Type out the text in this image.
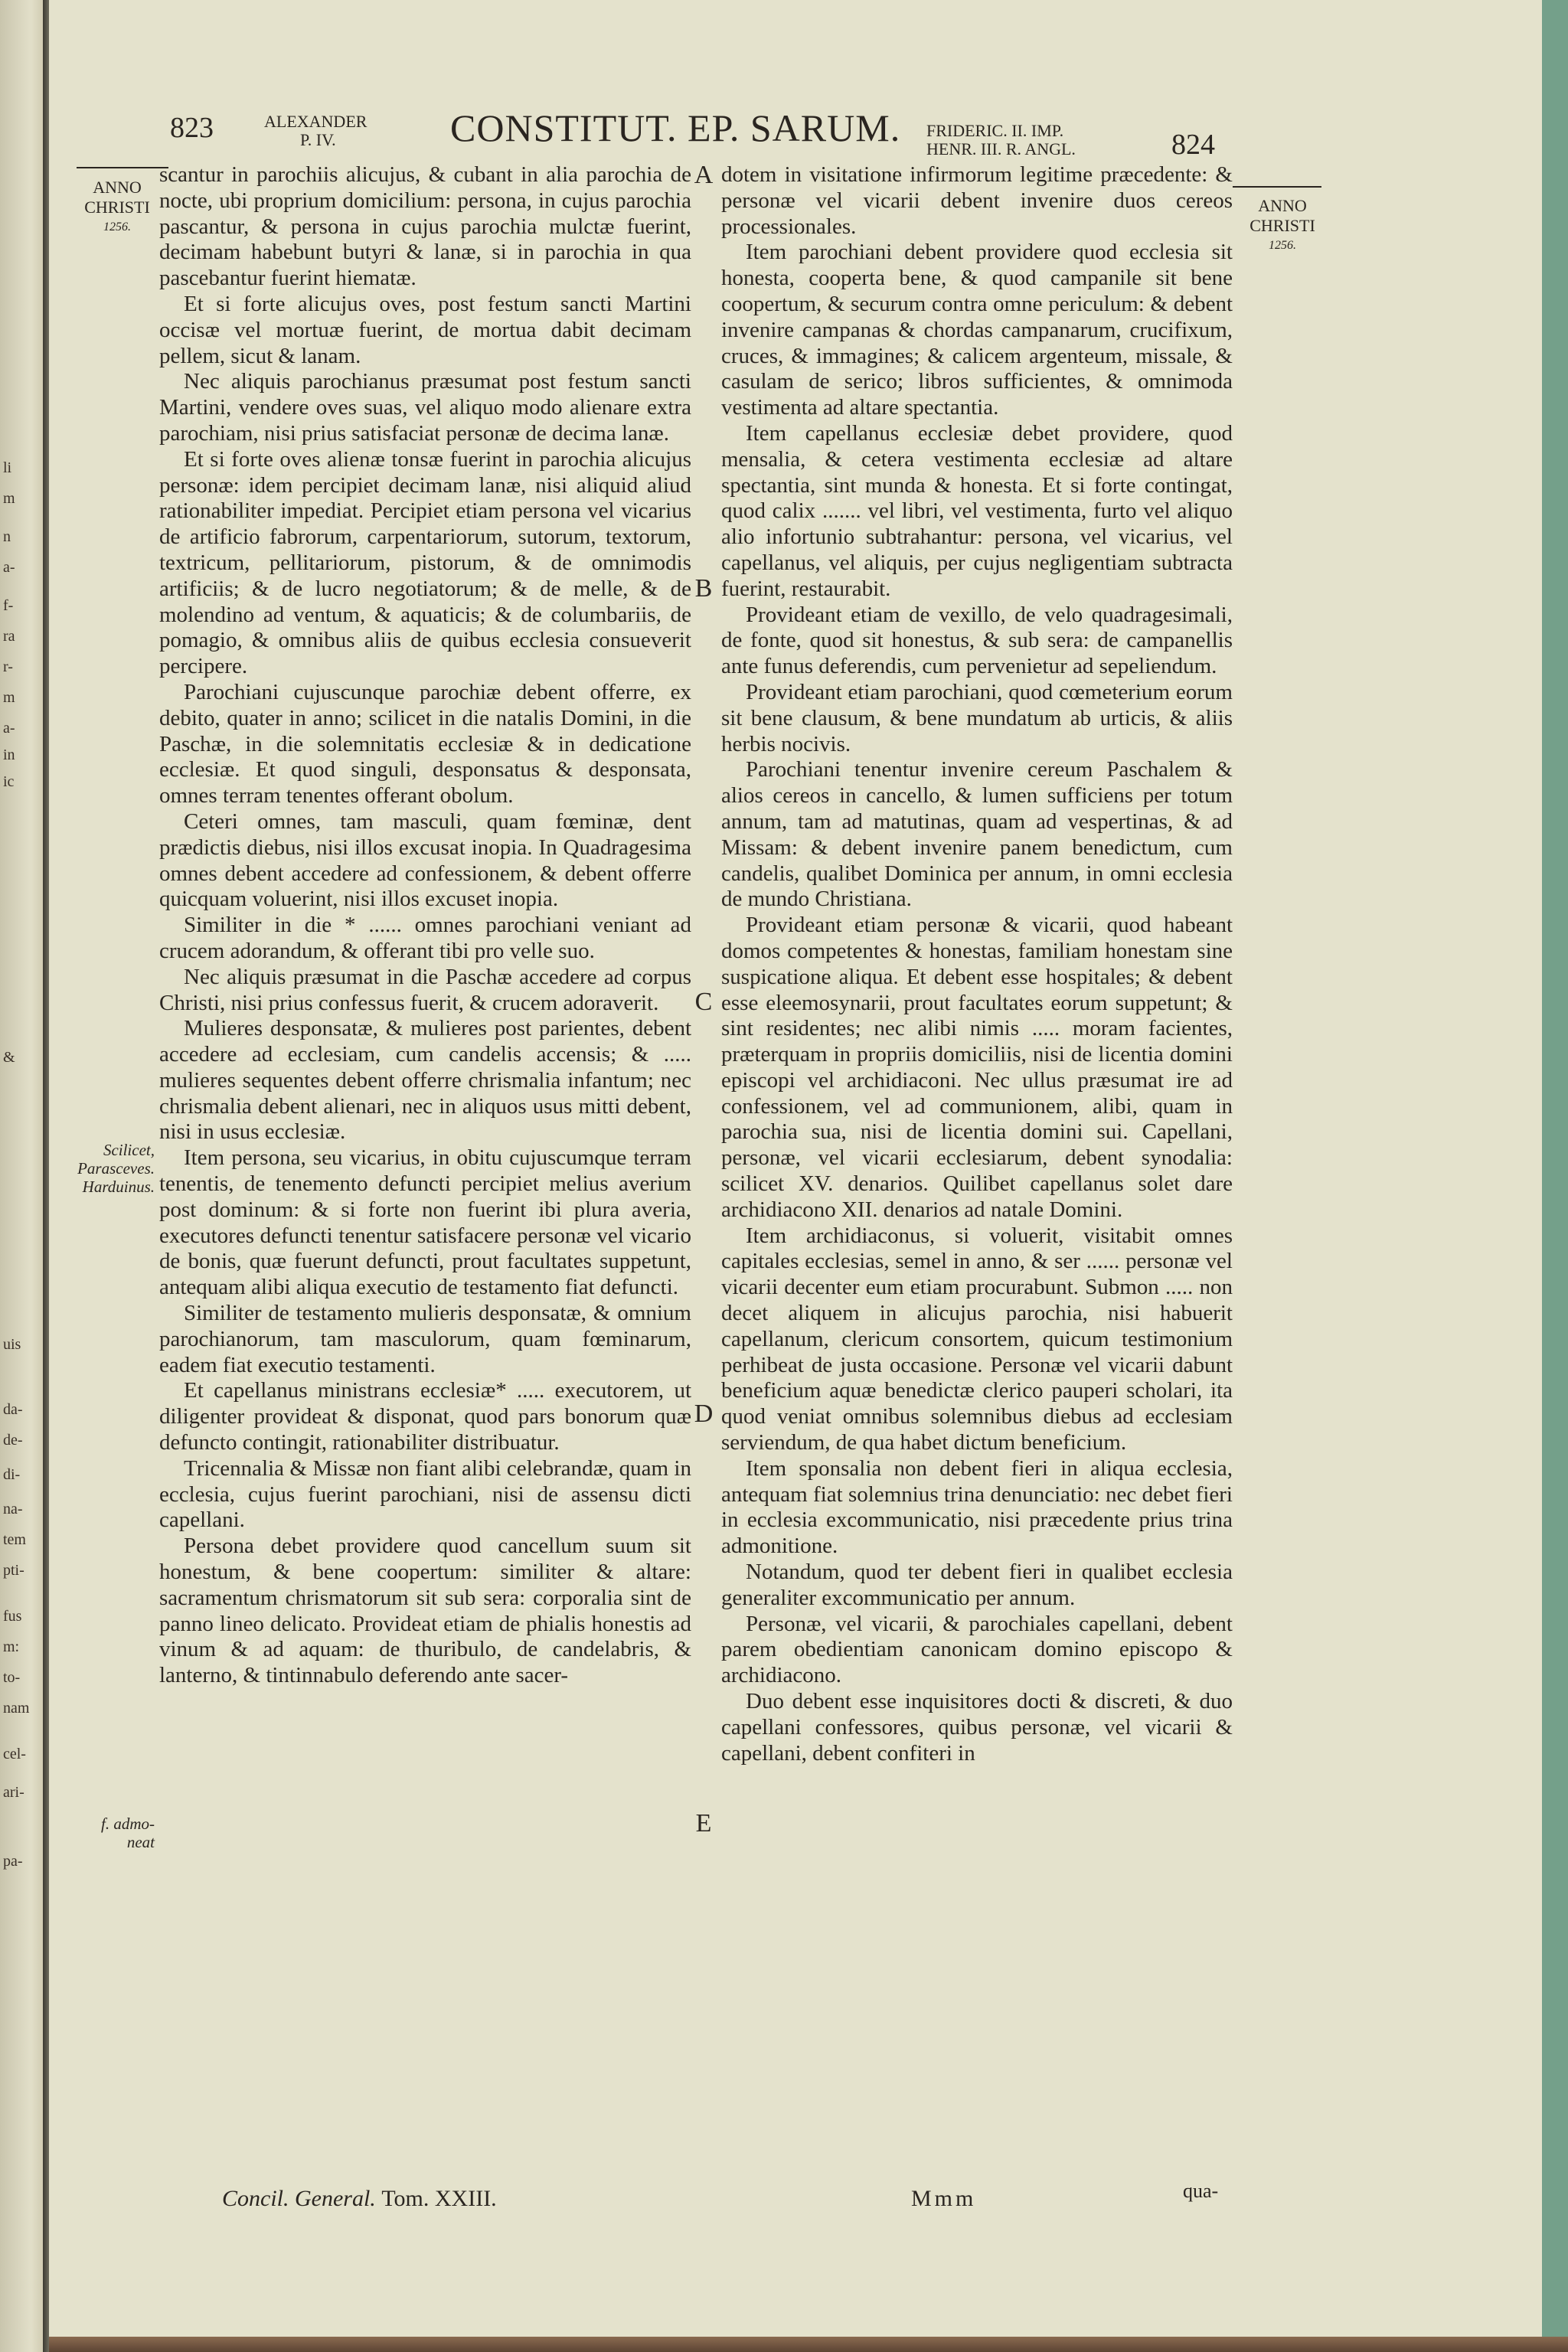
li
m
n
a-
f-
ra
r-
m
a-
in
ic
&
uis
da-
de-
di-
na-
tem
pti-
fus
m:
to-
nam
cel-
ari-
pa-
823	ALEXANDER
P. IV.	CONSTITUT. EP. SARUM. FRIDERIC. II. IMP.
HENR. III. R. ANGL.	824
ANNO
CHRISTI
1256.
ANNO
CHRISTI
1256.
Scilicet,
Parasceves.
Harduinus.
f. admo-
neat
A
B
C
D
E

scantur in parochiis alicujus, & cubant in alia parochia de nocte, ubi proprium domicilium: persona, in cujus parochia pascantur, & persona in cujus parochia mulctæ fuerint, decimam habebunt butyri & lanæ, si in parochia in qua pascebantur fuerint hiematæ.

Et si forte alicujus oves, post festum sancti Martini occisæ vel mortuæ fuerint, de mortua dabit decimam pellem, sicut & lanam.

Nec aliquis parochianus præsumat post festum sancti Martini, vendere oves suas, vel aliquo modo alienare extra parochiam, nisi prius satisfaciat personæ de decima lanæ.

Et si forte oves alienæ tonsæ fuerint in parochia alicujus personæ: idem percipiet decimam lanæ, nisi aliquid aliud rationabiliter impediat. Percipiet etiam persona vel vicarius de artificio fabrorum, carpentariorum, sutorum, textorum, textricum, pellitariorum, pistorum, & de omnimodis artificiis; & de lucro negotiatorum; & de melle, & de molendino ad ventum, & aquaticis; & de columbariis, de pomagio, & omnibus aliis de quibus ecclesia consueverit percipere.

Parochiani cujuscunque parochiæ debent offerre, ex debito, quater in anno; scilicet in die natalis Domini, in die Paschæ, in die solemnitatis ecclesiæ & in dedicatione ecclesiæ. Et quod singuli, desponsatus & desponsata, omnes terram tenentes offerant obolum.

Ceteri omnes, tam masculi, quam fœminæ, dent prædictis diebus, nisi illos excusat inopia. In Quadragesima omnes debent accedere ad confessionem, & debent offerre quicquam voluerint, nisi illos excuset inopia.

Similiter in die * ...... omnes parochiani veniant ad crucem adorandum, & offerant tibi pro velle suo.

Nec aliquis præsumat in die Paschæ accedere ad corpus Christi, nisi prius confessus fuerit, & crucem adoraverit.

Mulieres desponsatæ, & mulieres post parientes, debent accedere ad ecclesiam, cum candelis accensis; & ..... mulieres sequentes debent offerre chrismalia infantum; nec chrismalia debent alienari, nec in aliquos usus mitti debent, nisi in usus ecclesiæ.

Item persona, seu vicarius, in obitu cujuscumque terram tenentis, de tenemento defuncti percipiet melius averium post dominum: & si forte non fuerint ibi plura averia, executores defuncti tenentur satisfacere personæ vel vicario de bonis, quæ fuerunt defuncti, prout facultates suppetunt, antequam alibi aliqua executio de testamento fiat defuncti.

Similiter de testamento mulieris desponsatæ, & omnium parochianorum, tam masculorum, quam fœminarum, eadem fiat executio testamenti.

Et capellanus ministrans ecclesiæ* ..... executorem, ut diligenter provideat & disponat, quod pars bonorum quæ defuncto contingit, rationabiliter distribuatur.

Tricennalia & Missæ non fiant alibi celebrandæ, quam in ecclesia, cujus fuerint parochiani, nisi de assensu dicti capellani.

Persona debet providere quod cancellum suum sit honestum, & bene coopertum: similiter & altare: sacramentum chrismatorum sit sub sera: corporalia sint de panno lineo delicato. Provideat etiam de phialis honestis ad vinum & ad aquam: de thuribulo, de candelabris, & lanterno, & tintinnabulo deferendo ante sacer-

dotem in visitatione infirmorum legitime præcedente: & personæ vel vicarii debent invenire duos cereos processionales.

Item parochiani debent providere quod ecclesia sit honesta, cooperta bene, & quod campanile sit bene coopertum, & securum contra omne periculum: & debent invenire campanas & chordas campanarum, crucifixum, cruces, & immagines; & calicem argenteum, missale, & casulam de serico; libros sufficientes, & omnimoda vestimenta ad altare spectantia.

Item capellanus ecclesiæ debet providere, quod mensalia, & cetera vestimenta ecclesiæ ad altare spectantia, sint munda & honesta. Et si forte contingat, quod calix ....... vel libri, vel vestimenta, furto vel aliquo alio infortunio subtrahantur: persona, vel vicarius, vel capellanus, vel aliquis, per cujus negligentiam subtracta fuerint, restaurabit.

Provideant etiam de vexillo, de velo quadragesimali, de fonte, quod sit honestus, & sub sera: de campanellis ante funus deferendis, cum pervenietur ad sepeliendum.

Provideant etiam parochiani, quod cœmeterium eorum sit bene clausum, & bene mundatum ab urticis, & aliis herbis nocivis.

Parochiani tenentur invenire cereum Paschalem & alios cereos in cancello, & lumen sufficiens per totum annum, tam ad matutinas, quam ad vespertinas, & ad Missam: & debent invenire panem benedictum, cum candelis, qualibet Dominica per annum, in omni ecclesia de mundo Christiana.

Provideant etiam personæ & vicarii, quod habeant domos competentes & honestas, familiam honestam sine suspicatione aliqua. Et debent esse hospitales; & debent esse eleemosynarii, prout facultates eorum suppetunt; & sint residentes; nec alibi nimis ..... moram facientes, præterquam in propriis domiciliis, nisi de licentia domini episcopi vel archidiaconi. Nec ullus præsumat ire ad confessionem, vel ad communionem, alibi, quam in parochia sua, nisi de licentia domini sui. Capellani, personæ, vel vicarii ecclesiarum, debent synodalia: scilicet XV. denarios. Quilibet capellanus solet dare archidiacono XII. denarios ad natale Domini.

Item archidiaconus, si voluerit, visitabit omnes capitales ecclesias, semel in anno, & ser ...... personæ vel vicarii decenter eum etiam procurabunt. Submon ..... non decet aliquem in alicujus parochia, nisi habuerit capellanum, clericum consortem, quicum testimonium perhibeat de justa occasione. Personæ vel vicarii dabunt beneficium aquæ benedictæ clerico pauperi scholari, ita quod veniat omnibus solemnibus diebus ad ecclesiam serviendum, de qua habet dictum beneficium.

Item sponsalia non debent fieri in aliqua ecclesia, antequam fiat solemnius trina denunciatio: nec debet fieri in ecclesia excommunicatio, nisi præcedente prius trina admonitione.

Notandum, quod ter debent fieri in qualibet ecclesia generaliter excommunicatio per annum.

Personæ, vel vicarii, & parochiales capellani, debent parem obedientiam canonicam domino episcopo & archidiacono.

Duo debent esse inquisitores docti & discreti, & duo capellani confessores, quibus personæ, vel vicarii & capellani, debent confiteri in

Concil. General. Tom. XXIII.	Mmm	qua-
